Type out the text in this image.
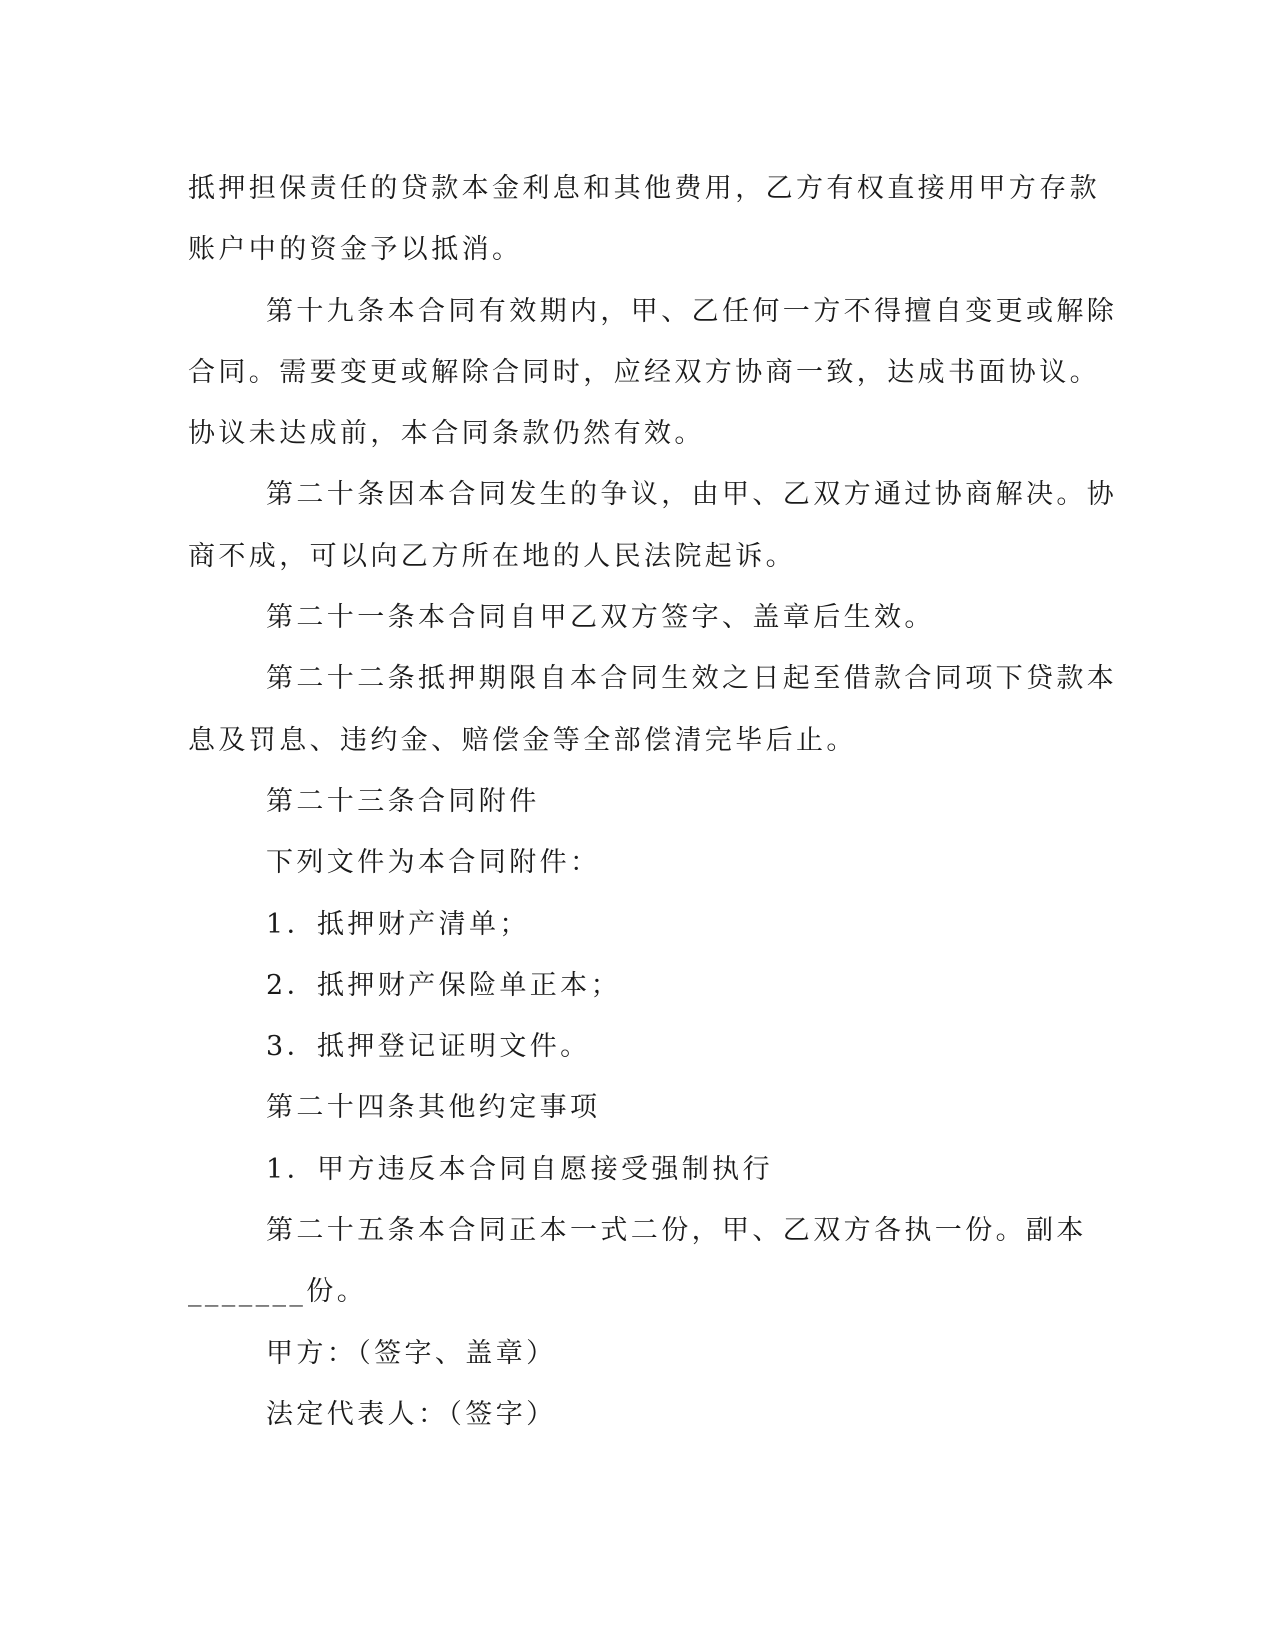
抵押担保责任的贷款本金利息和其他费用，乙方有权直接用甲方存款
账户中的资金予以抵消。
第十九条本合同有效期内，甲、乙任何一方不得擅自变更或解除
合同。需要变更或解除合同时，应经双方协商一致，达成书面协议。
协议未达成前，本合同条款仍然有效。
第二十条因本合同发生的争议，由甲、乙双方通过协商解决。协
商不成，可以向乙方所在地的人民法院起诉。
第二十一条本合同自甲乙双方签字、盖章后生效。
第二十二条抵押期限自本合同生效之日起至借款合同项下贷款本
息及罚息、违约金、赔偿金等全部偿清完毕后止。
第二十三条合同附件
下列文件为本合同附件：
1．抵押财产清单；
2．抵押财产保险单正本；
3．抵押登记证明文件。
第二十四条其他约定事项
1．甲方违反本合同自愿接受强制执行
第二十五条本合同正本一式二份，甲、乙双方各执一份。副本
_______份。
甲方：（签字、盖章）
法定代表人：（签字）
